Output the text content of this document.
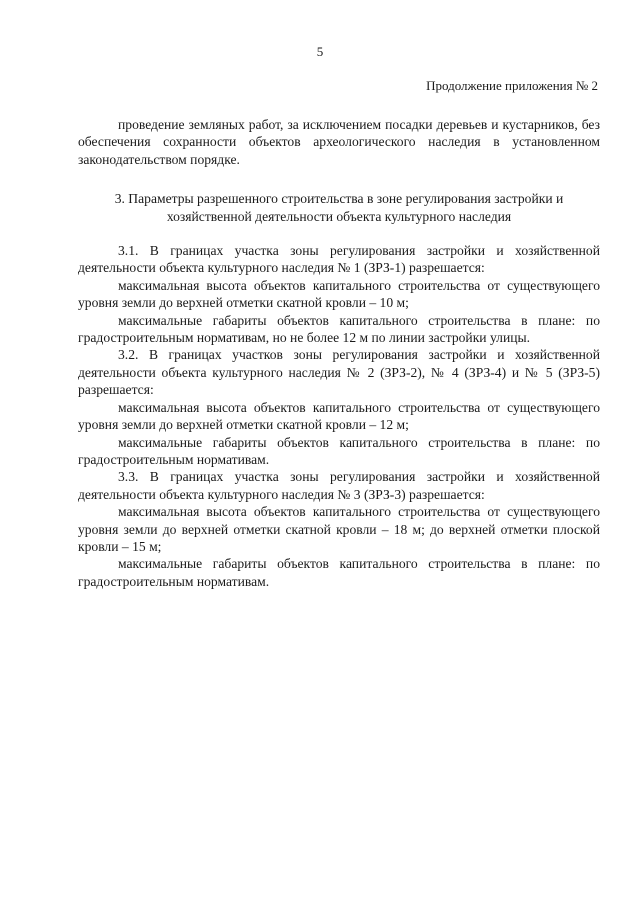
5
Продолжение приложения № 2

проведение земляных работ, за исключением посадки деревьев и кустарников, без обеспечения сохранности объектов археологического наследия в установленном законодательством порядке.

3. Параметры разрешенного строительства в зоне регулирования застройки и хозяйственной деятельности объекта культурного наследия

3.1. В границах участка зоны регулирования застройки и хозяйственной деятельности объекта культурного наследия № 1 (ЗРЗ-1) разрешается:

максимальная высота объектов капитального строительства от существующего уровня земли до верхней отметки скатной кровли – 10 м;

максимальные габариты объектов капитального строительства в плане: по градостроительным нормативам, но не более 12 м по линии застройки улицы.

3.2. В границах участков зоны регулирования застройки и хозяйственной деятельности объекта культурного наследия № 2 (ЗРЗ-2), № 4 (ЗРЗ-4) и № 5 (ЗРЗ-5) разрешается:

максимальная высота объектов капитального строительства от существующего уровня земли до верхней отметки скатной кровли – 12 м;

максимальные габариты объектов капитального строительства в плане: по градостроительным нормативам.

3.3. В границах участка зоны регулирования застройки и хозяйственной деятельности объекта культурного наследия № 3 (ЗРЗ-3) разрешается:

максимальная высота объектов капитального строительства от существующего уровня земли до верхней отметки скатной кровли – 18 м; до верхней отметки плоской кровли – 15 м;

максимальные габариты объектов капитального строительства в плане: по градостроительным нормативам.
